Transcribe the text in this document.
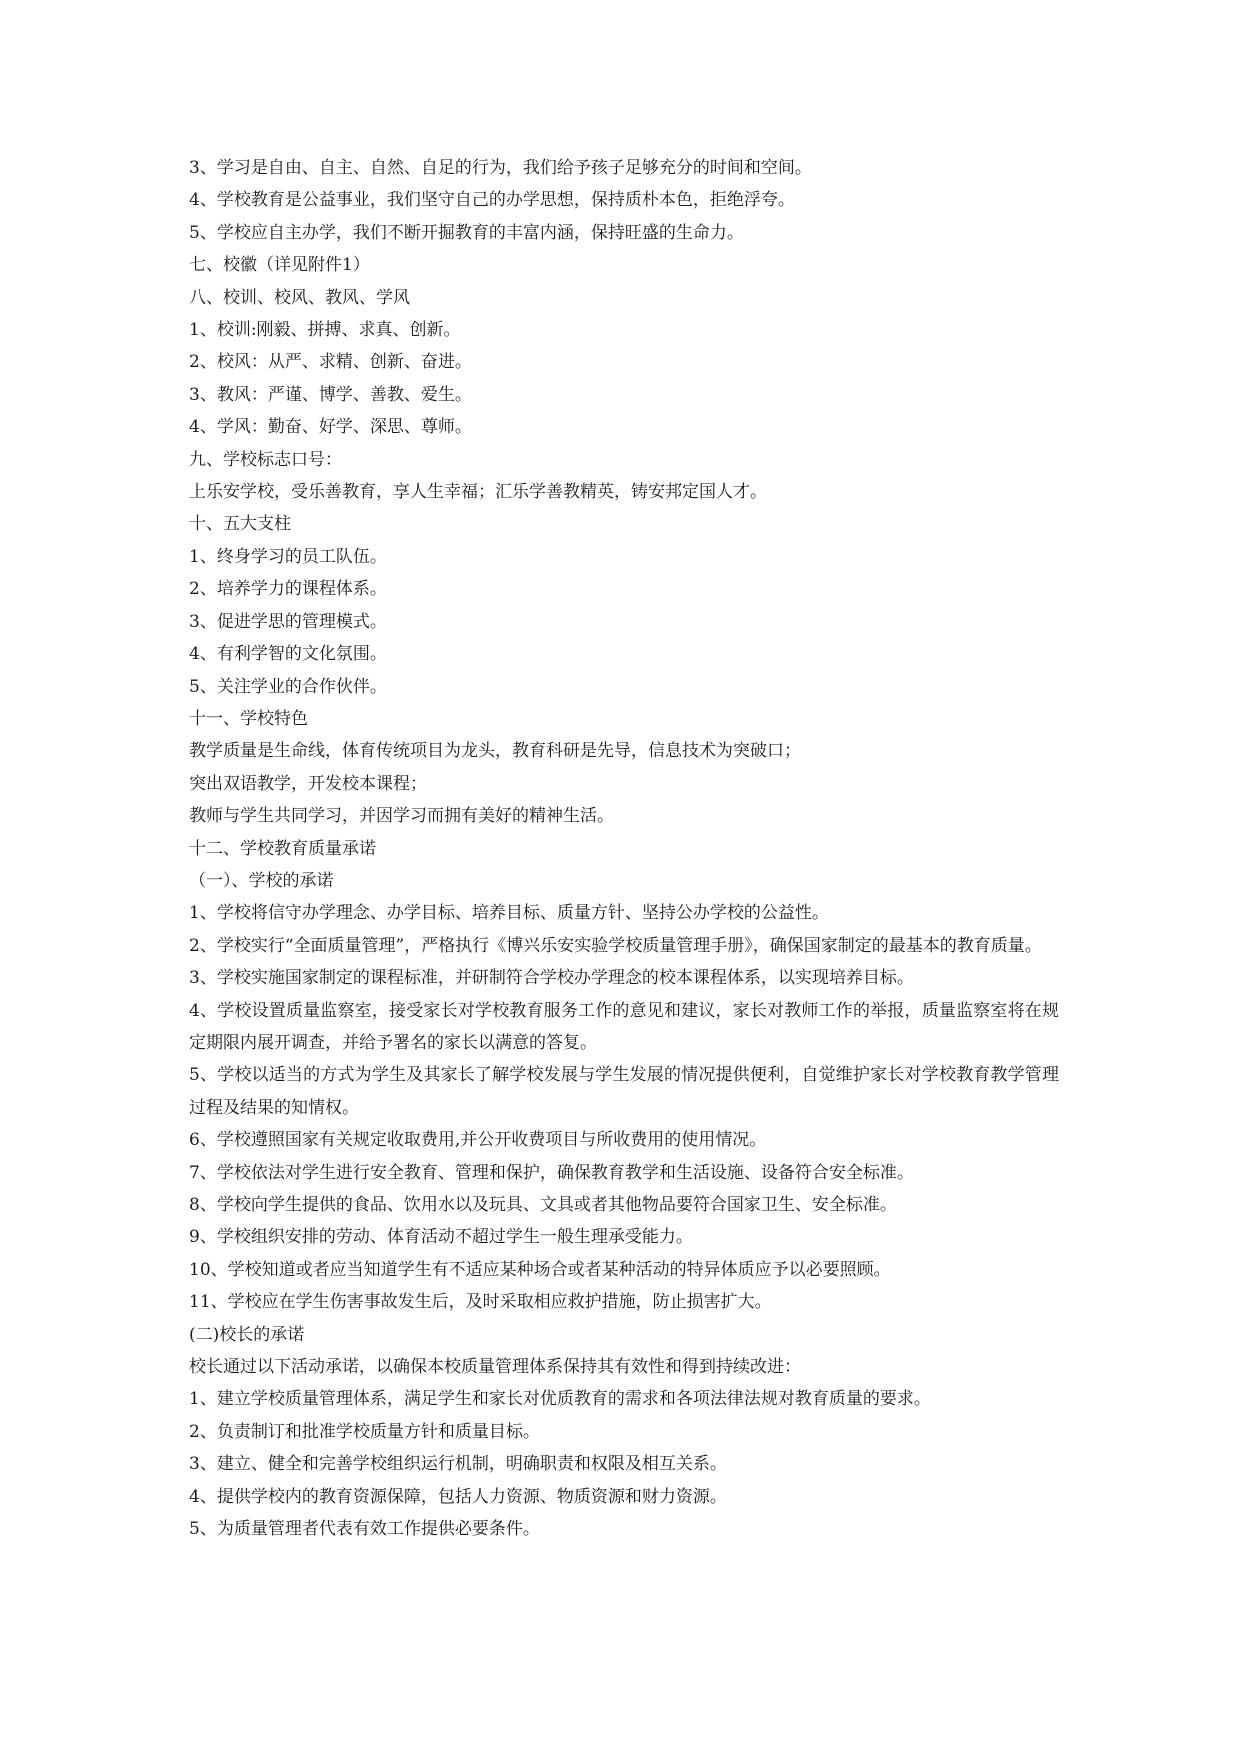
3、学习是自由、自主、自然、自足的行为，我们给予孩子足够充分的时间和空间。

4、学校教育是公益事业，我们坚守自己的办学思想，保持质朴本色，拒绝浮夸。

5、学校应自主办学，我们不断开掘教育的丰富内涵，保持旺盛的生命力。

七、校徽（详见附件1）

八、校训、校风、教风、学风

1、校训:刚毅、拼搏、求真、创新。

2、校风：从严、求精、创新、奋进。

3、教风：严谨、博学、善教、爱生。

4、学风：勤奋、好学、深思、尊师。

九、学校标志口号：

上乐安学校，受乐善教育，享人生幸福；汇乐学善教精英，铸安邦定国人才。

十、五大支柱

1、终身学习的员工队伍。

2、培养学力的课程体系。

3、促进学思的管理模式。

4、有利学智的文化氛围。

5、关注学业的合作伙伴。

十一、学校特色

教学质量是生命线，体育传统项目为龙头，教育科研是先导，信息技术为突破口；

突出双语教学，开发校本课程；

教师与学生共同学习，并因学习而拥有美好的精神生活。

十二、学校教育质量承诺

（一）、学校的承诺

1、学校将信守办学理念、办学目标、培养目标、质量方针、坚持公办学校的公益性。

2、学校实行“全面质量管理”，严格执行《博兴乐安实验学校质量管理手册》，确保国家制定的最基本的教育质量。

3、学校实施国家制定的课程标准，并研制符合学校办学理念的校本课程体系，以实现培养目标。

4、学校设置质量监察室，接受家长对学校教育服务工作的意见和建议，家长对教师工作的举报，质量监察室将在规定期限内展开调查，并给予署名的家长以满意的答复。

5、学校以适当的方式为学生及其家长了解学校发展与学生发展的情况提供便利，自觉维护家长对学校教育教学管理过程及结果的知情权。

6、学校遵照国家有关规定收取费用,并公开收费项目与所收费用的使用情况。

7、学校依法对学生进行安全教育、管理和保护，确保教育教学和生活设施、设备符合安全标准。

8、学校向学生提供的食品、饮用水以及玩具、文具或者其他物品要符合国家卫生、安全标准。

9、学校组织安排的劳动、体育活动不超过学生一般生理承受能力。

10、学校知道或者应当知道学生有不适应某种场合或者某种活动的特异体质应予以必要照顾。

11、学校应在学生伤害事故发生后，及时采取相应救护措施，防止损害扩大。

(二)校长的承诺

校长通过以下活动承诺，以确保本校质量管理体系保持其有效性和得到持续改进：

1、建立学校质量管理体系，满足学生和家长对优质教育的需求和各项法律法规对教育质量的要求。

2、负责制订和批准学校质量方针和质量目标。

3、建立、健全和完善学校组织运行机制，明确职责和权限及相互关系。

4、提供学校内的教育资源保障，包括人力资源、物质资源和财力资源。

5、为质量管理者代表有效工作提供必要条件。
